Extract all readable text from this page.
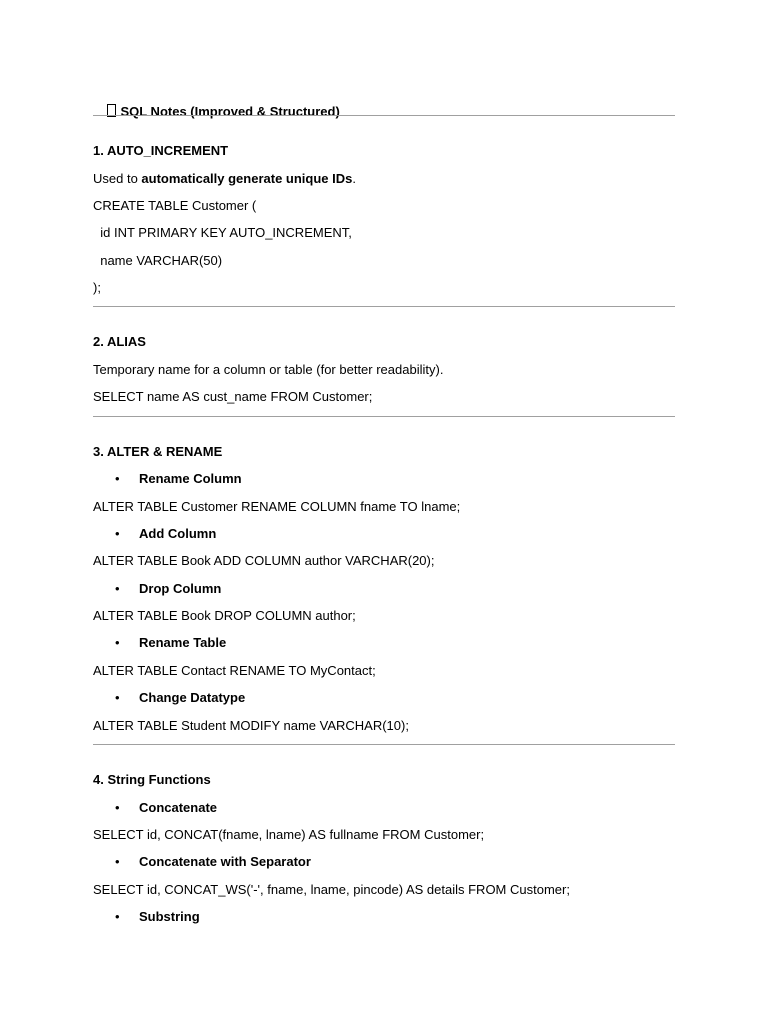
SQL Notes (Improved & Structured)

1. AUTO_INCREMENT
Used to automatically generate unique IDs.
CREATE TABLE Customer (
id INT PRIMARY KEY AUTO_INCREMENT,
name VARCHAR(50)
);
2. ALIAS
Temporary name for a column or table (for better readability).
SELECT name AS cust_name FROM Customer;
3. ALTER & RENAME
• Rename Column
ALTER TABLE Customer RENAME COLUMN fname TO lname;
• Add Column
ALTER TABLE Book ADD COLUMN author VARCHAR(20);
• Drop Column
ALTER TABLE Book DROP COLUMN author;
• Rename Table
ALTER TABLE Contact RENAME TO MyContact;
• Change Datatype
ALTER TABLE Student MODIFY name VARCHAR(10);
4. String Functions
• Concatenate
SELECT id, CONCAT(fname, lname) AS fullname FROM Customer;
• Concatenate with Separator
SELECT id, CONCAT_WS('-', fname, lname, pincode) AS details FROM Customer;
• Substring
